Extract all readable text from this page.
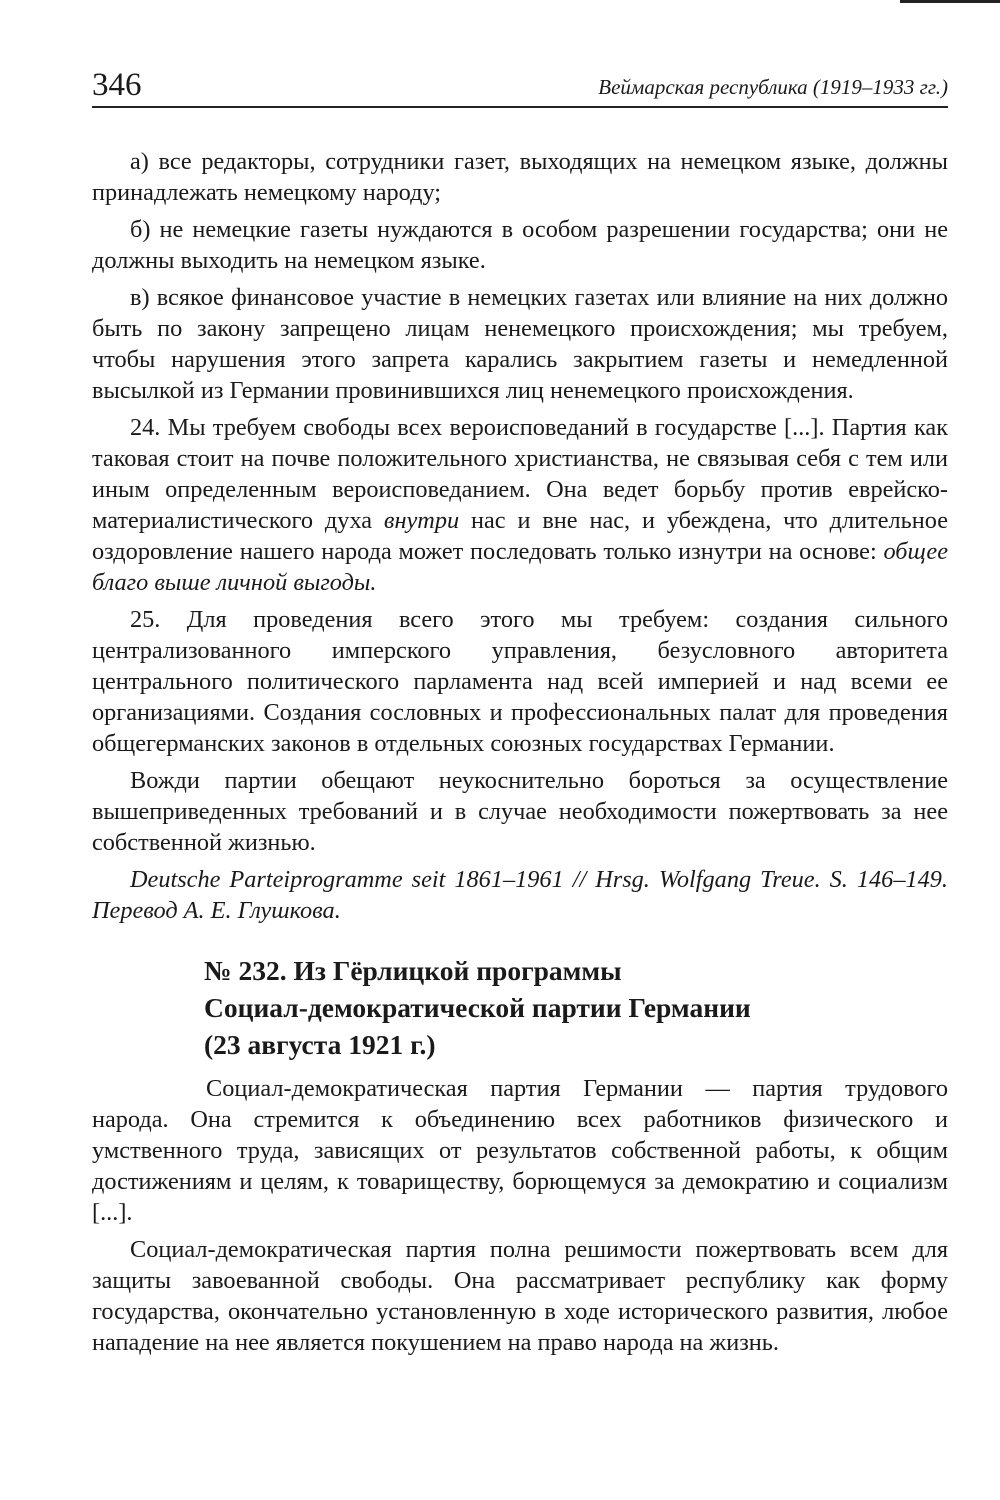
346	Веймарская республика (1919–1933 гг.)

а) все редакторы, сотрудники газет, выходящих на немецком языке, должны принадлежать немецкому народу;

б) не немецкие газеты нуждаются в особом разрешении государства; они не должны выходить на немецком языке.

в) всякое финансовое участие в немецких газетах или влияние на них должно быть по закону запрещено лицам ненемецкого происхождения; мы требуем, чтобы нарушения этого запрета карались закрытием газеты и немедленной высылкой из Германии провинившихся лиц ненемецкого происхождения.

24. Мы требуем свободы всех вероисповеданий в государстве [...]. Партия как таковая стоит на почве положительного христианства, не связывая себя с тем или иным определенным вероисповеданием. Она ведет борьбу против еврейско-материалистического духа внутри нас и вне нас, и убеждена, что длительное оздоровление нашего народа может последовать только изнутри на основе: общее благо выше личной выгоды.

25. Для проведения всего этого мы требуем: создания сильного централизованного имперского управления, безусловного авторитета центрального политического парламента над всей империей и над всеми ее организациями. Создания сословных и профессиональных палат для проведения общегерманских законов в отдельных союзных государствах Германии.

Вожди партии обещают неукоснительно бороться за осуществление вышеприведенных требований и в случае необходимости пожертвовать за нее собственной жизнью.

Deutsche Parteiprogramme seit 1861–1961 // Hrsg. Wolfgang Treue. S. 146–149. Перевод А. Е. Глушкова.

№ 232. Из Гёрлицкой программы
Социал-демократической партии Германии
(23 августа 1921 г.)

Социал-демократическая партия Германии — партия трудового народа. Она стремится к объединению всех работников физического и умственного труда, зависящих от результатов собственной работы, к общим достижениям и целям, к товариществу, борющемуся за демократию и социализм [...].

Социал-демократическая партия полна решимости пожертвовать всем для защиты завоеванной свободы. Она рассматривает республику как форму государства, окончательно установленную в ходе исторического развития, любое нападение на нее является покушением на право народа на жизнь.
